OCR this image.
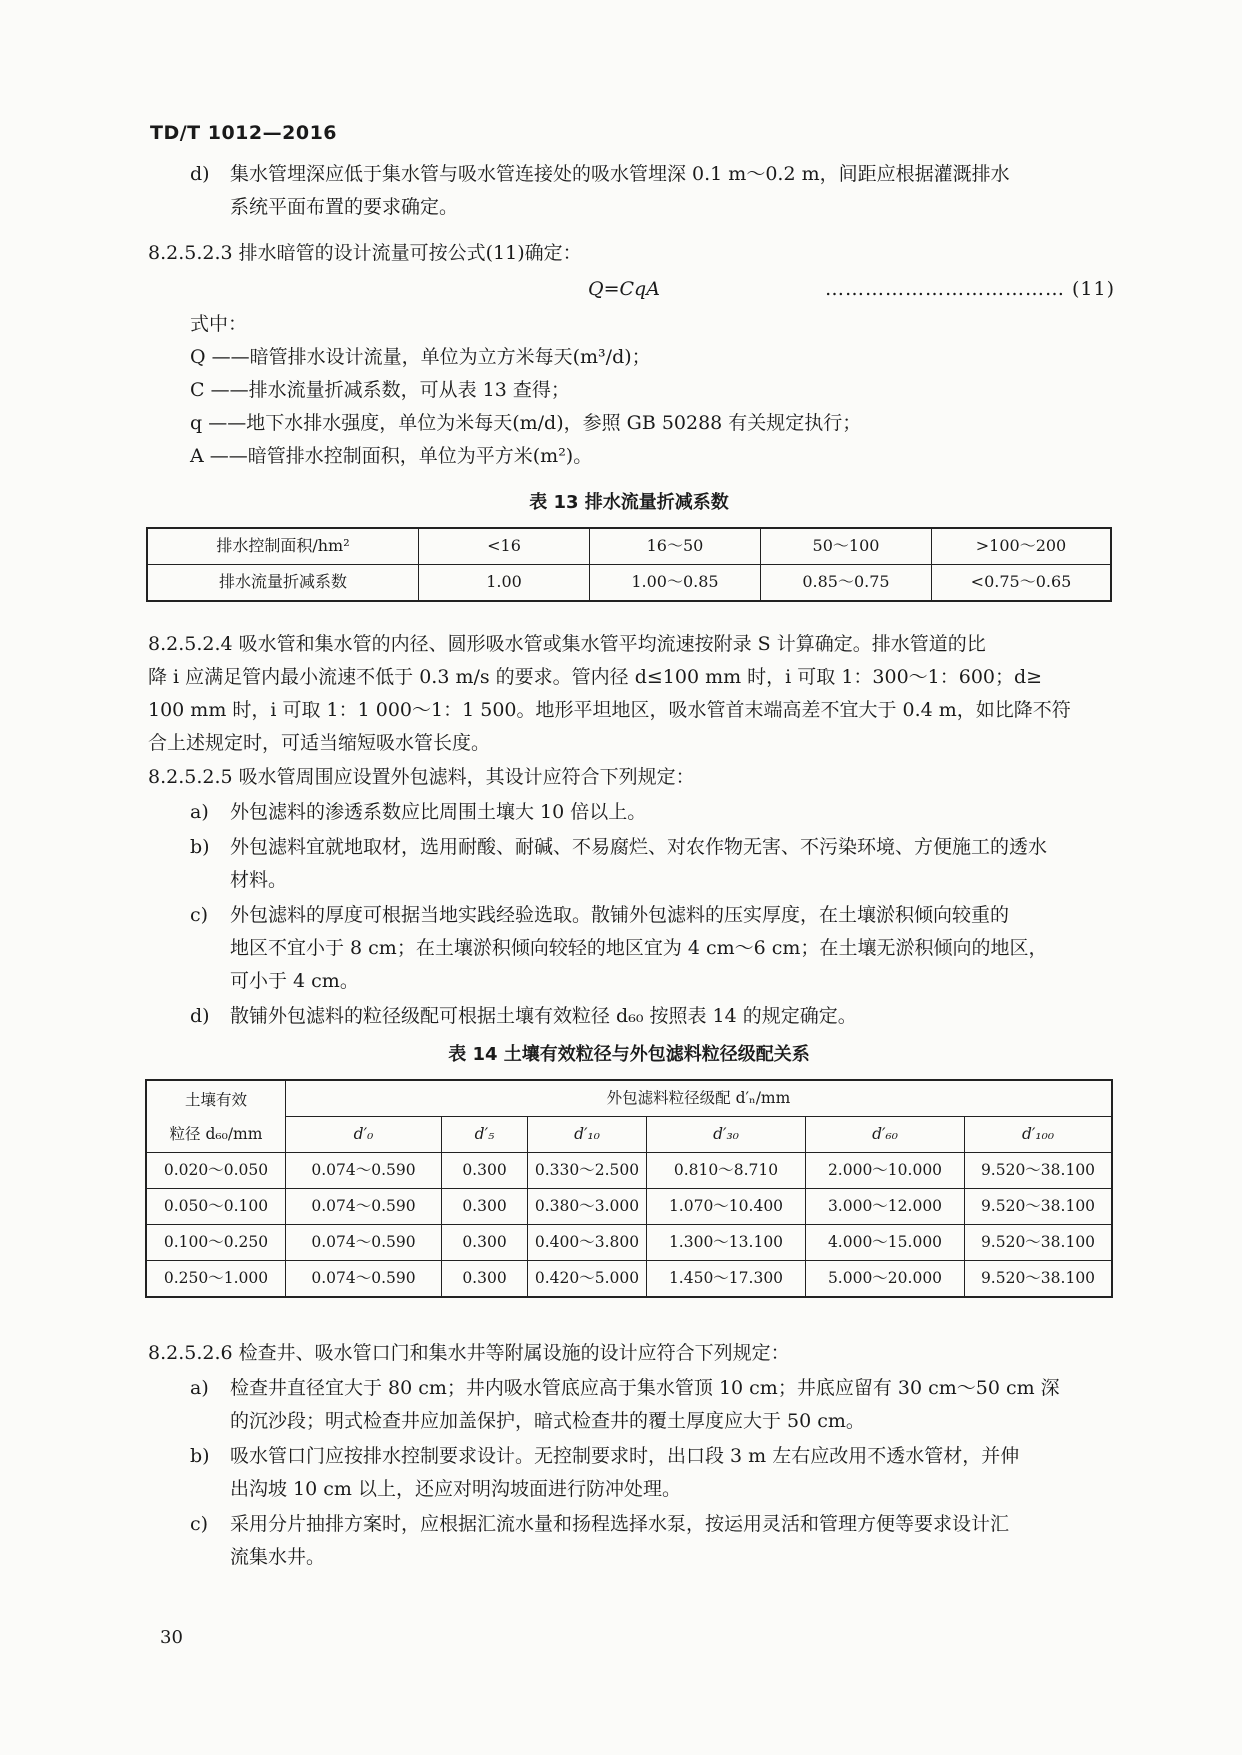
TD/T 1012—2016
d)	集水管埋深应低于集水管与吸水管连接处的吸水管埋深 0.1 m～0.2 m，间距应根据灌溉排水
系统平面布置的要求确定。
8.2.5.2.3 排水暗管的设计流量可按公式(11)确定：
Q=CqA	……………………………… (11)
式中：
Q ——暗管排水设计流量，单位为立方米每天(m³/d)；
C ——排水流量折减系数，可从表 13 查得；
q ——地下水排水强度，单位为米每天(m/d)，参照 GB 50288 有关规定执行；
A ——暗管排水控制面积，单位为平方米(m²)。
表 13 排水流量折减系数
排水控制面积/hm²	<16	16～50	50～100	>100～200
排水流量折减系数	1.00	1.00～0.85	0.85～0.75	<0.75～0.65
8.2.5.2.4 吸水管和集水管的内径、圆形吸水管或集水管平均流速按附录 S 计算确定。排水管道的比
降 i 应满足管内最小流速不低于 0.3 m/s 的要求。管内径 d≤100 mm 时，i 可取 1：300～1：600；d≥
100 mm 时，i 可取 1：1 000～1：1 500。地形平坦地区，吸水管首末端高差不宜大于 0.4 m，如比降不符
合上述规定时，可适当缩短吸水管长度。
8.2.5.2.5 吸水管周围应设置外包滤料，其设计应符合下列规定：
a)	外包滤料的渗透系数应比周围土壤大 10 倍以上。
b)	外包滤料宜就地取材，选用耐酸、耐碱、不易腐烂、对农作物无害、不污染环境、方便施工的透水
材料。
c)	外包滤料的厚度可根据当地实践经验选取。散铺外包滤料的压实厚度，在土壤淤积倾向较重的
地区不宜小于 8 cm；在土壤淤积倾向较轻的地区宜为 4 cm～6 cm；在土壤无淤积倾向的地区，
可小于 4 cm。
d)	散铺外包滤料的粒径级配可根据土壤有效粒径 d₆₀ 按照表 14 的规定确定。
表 14 土壤有效粒径与外包滤料粒径级配关系
土壤有效
粒径 d₆₀/mm	外包滤料粒径级配 d′ₙ/mm					
	d′₀	d′₅	d′₁₀	d′₃₀	d′₆₀	d′₁₀₀
0.020～0.050	0.074～0.590	0.300	0.330～2.500	0.810～8.710	2.000～10.000	9.520～38.100
0.050～0.100	0.074～0.590	0.300	0.380～3.000	1.070～10.400	3.000～12.000	9.520～38.100
0.100～0.250	0.074～0.590	0.300	0.400～3.800	1.300～13.100	4.000～15.000	9.520～38.100
0.250～1.000	0.074～0.590	0.300	0.420～5.000	1.450～17.300	5.000～20.000	9.520～38.100
8.2.5.2.6 检查井、吸水管口门和集水井等附属设施的设计应符合下列规定：
a)	检查井直径宜大于 80 cm；井内吸水管底应高于集水管顶 10 cm；井底应留有 30 cm～50 cm 深
的沉沙段；明式检查井应加盖保护，暗式检查井的覆土厚度应大于 50 cm。
b)	吸水管口门应按排水控制要求设计。无控制要求时，出口段 3 m 左右应改用不透水管材，并伸
出沟坡 10 cm 以上，还应对明沟坡面进行防冲处理。
c)	采用分片抽排方案时，应根据汇流水量和扬程选择水泵，按运用灵活和管理方便等要求设计汇
流集水井。
30
